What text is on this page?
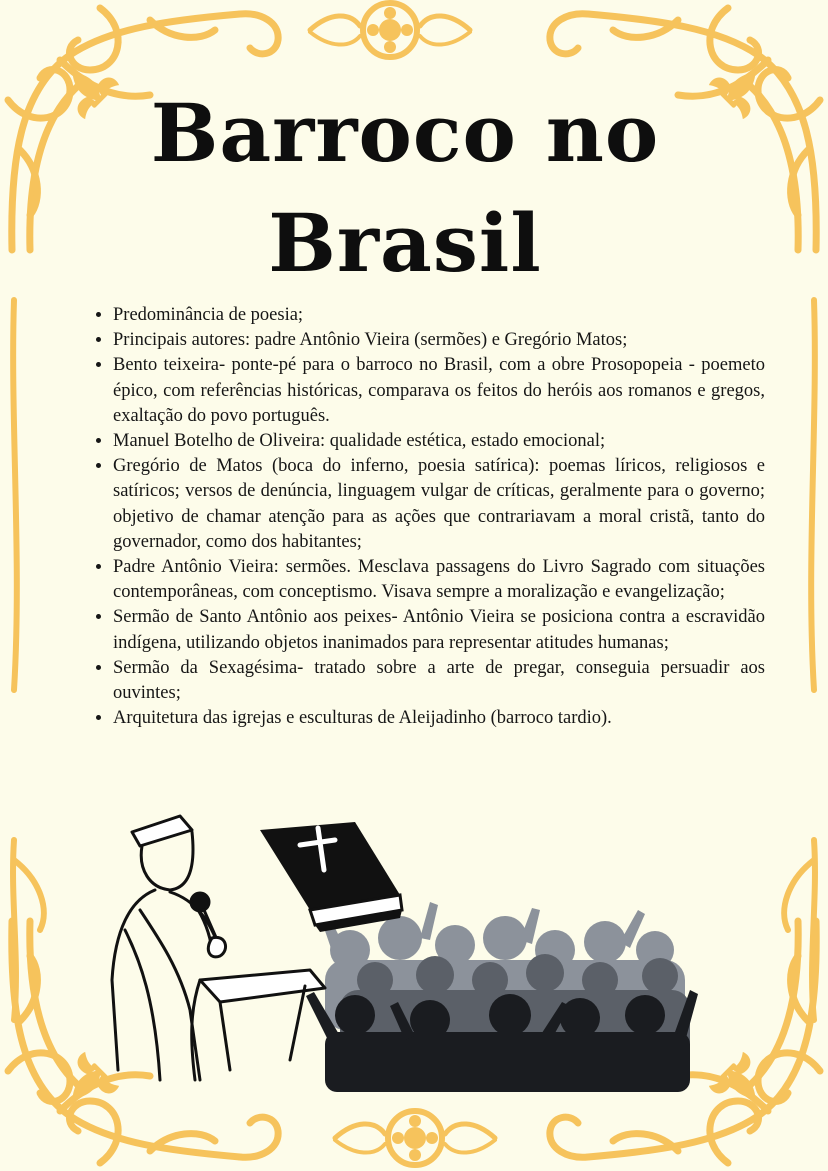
Barroco no
Brasil
• Predominância de poesia;
• Principais autores: padre Antônio Vieira (sermões) e Gregório Matos;
• Bento teixeira- ponte-pé para o barroco no Brasil, com a obre Prosopopeia - poemeto épico, com referências históricas, comparava os feitos do heróis aos romanos e gregos, exaltação do povo português.
• Manuel Botelho de Oliveira: qualidade estética, estado emocional;
• Gregório de Matos (boca do inferno, poesia satírica): poemas líricos, religiosos e satíricos; versos de denúncia, linguagem vulgar de críticas, geralmente para o governo; objetivo de chamar atenção para as ações que contrariavam a moral cristã, tanto do governador, como dos habitantes;
• Padre Antônio Vieira: sermões. Mesclava passagens do Livro Sagrado com situações contemporâneas, com conceptismo. Visava sempre a moralização e evangelização;
• Sermão de Santo Antônio aos peixes- Antônio Vieira se posiciona contra a escravidão indígena, utilizando objetos inanimados para representar atitudes humanas;
• Sermão da Sexagésima- tratado sobre a arte de pregar, conseguia persuadir aos ouvintes;
• Arquitetura das igrejas e esculturas de Aleijadinho (barroco tardio).
